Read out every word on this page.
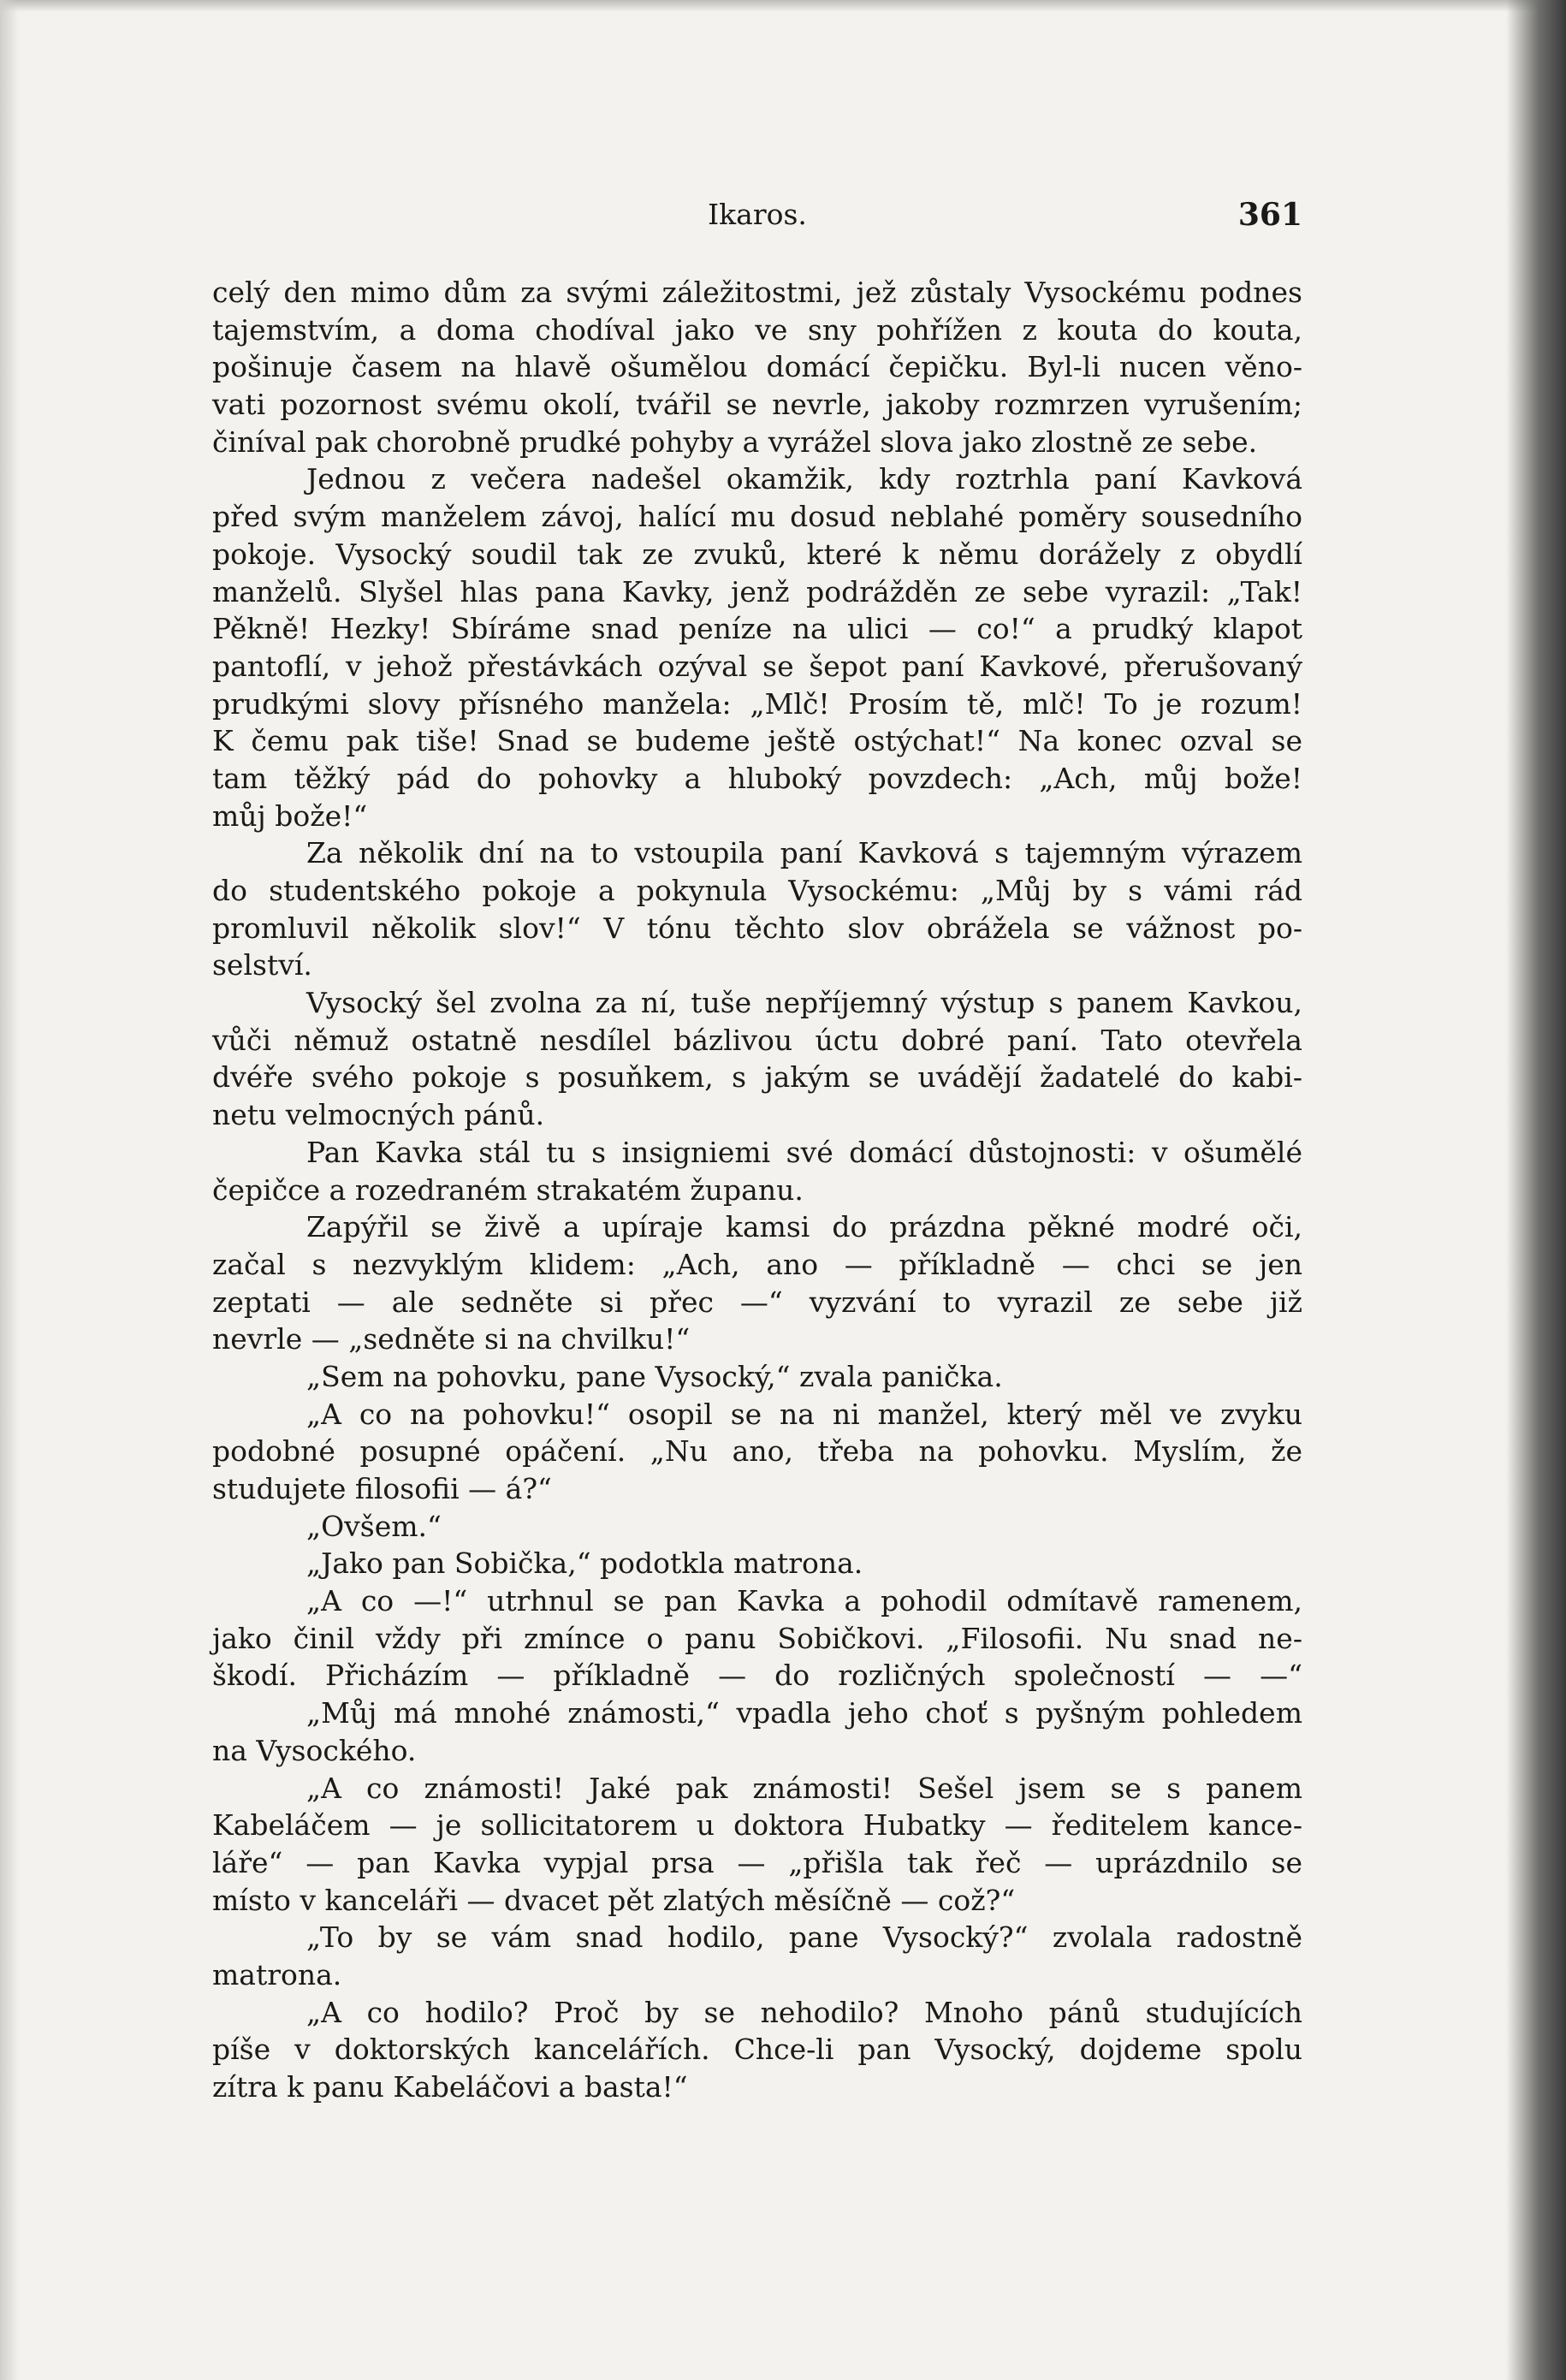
Ikaros.	361
celý den mimo dům za svými záležitostmi, jež zůstaly Vysockému podnes
tajemstvím, a doma chodíval jako ve sny pohřížen z kouta do kouta,
pošinuje časem na hlavě ošumělou domácí čepičku. Byl-li nucen věno-
vati pozornost svému okolí, tvářil se nevrle, jakoby rozmrzen vyrušením;
činíval pak chorobně prudké pohyby a vyrážel slova jako zlostně ze sebe.
Jednou z večera nadešel okamžik, kdy roztrhla paní Kavková
před svým manželem závoj, halící mu dosud neblahé poměry sousedního
pokoje. Vysocký soudil tak ze zvuků, které k němu dorážely z obydlí
manželů. Slyšel hlas pana Kavky, jenž podrážděn ze sebe vyrazil: „Tak!
Pěkně! Hezky! Sbíráme snad peníze na ulici — co!“ a prudký klapot
pantoflí, v jehož přestávkách ozýval se šepot paní Kavkové, přerušovaný
prudkými slovy přísného manžela: „Mlč! Prosím tě, mlč! To je rozum!
K čemu pak tiše! Snad se budeme ještě ostýchat!“ Na konec ozval se
tam těžký pád do pohovky a hluboký povzdech: „Ach, můj bože!
můj bože!“
Za několik dní na to vstoupila paní Kavková s tajemným výrazem
do studentského pokoje a pokynula Vysockému: „Můj by s vámi rád
promluvil několik slov!“ V tónu těchto slov obrážela se vážnost po-
selství.
Vysocký šel zvolna za ní, tuše nepříjemný výstup s panem Kavkou,
vůči němuž ostatně nesdílel bázlivou úctu dobré paní. Tato otevřela
dvéře svého pokoje s posuňkem, s jakým se uvádějí žadatelé do kabi-
netu velmocných pánů.
Pan Kavka stál tu s insigniemi své domácí důstojnosti: v ošumělé
čepičce a rozedraném strakatém županu.
Zapýřil se živě a upíraje kamsi do prázdna pěkné modré oči,
začal s nezvyklým klidem: „Ach, ano — příkladně — chci se jen
zeptati — ale sedněte si přec —“ vyzvání to vyrazil ze sebe již
nevrle — „sedněte si na chvilku!“
„Sem na pohovku, pane Vysocký,“ zvala panička.
„A co na pohovku!“ osopil se na ni manžel, který měl ve zvyku
podobné posupné opáčení. „Nu ano, třeba na pohovku. Myslím, že
studujete filosofii — á?“
„Ovšem.“
„Jako pan Sobička,“ podotkla matrona.
„A co —!“ utrhnul se pan Kavka a pohodil odmítavě ramenem,
jako činil vždy při zmínce o panu Sobičkovi. „Filosofii. Nu snad ne-
škodí. Přicházím — příkladně — do rozličných společností — —“
„Můj má mnohé známosti,“ vpadla jeho choť s pyšným pohledem
na Vysockého.
„A co známosti! Jaké pak známosti! Sešel jsem se s panem
Kabeláčem — je sollicitatorem u doktora Hubatky — ředitelem kance-
láře“ — pan Kavka vypjal prsa — „přišla tak řeč — uprázdnilo se
místo v kanceláři — dvacet pět zlatých měsíčně — což?“
„To by se vám snad hodilo, pane Vysocký?“ zvolala radostně
matrona.
„A co hodilo? Proč by se nehodilo? Mnoho pánů studujících
píše v doktorských kancelářích. Chce-li pan Vysocký, dojdeme spolu
zítra k panu Kabeláčovi a basta!“
